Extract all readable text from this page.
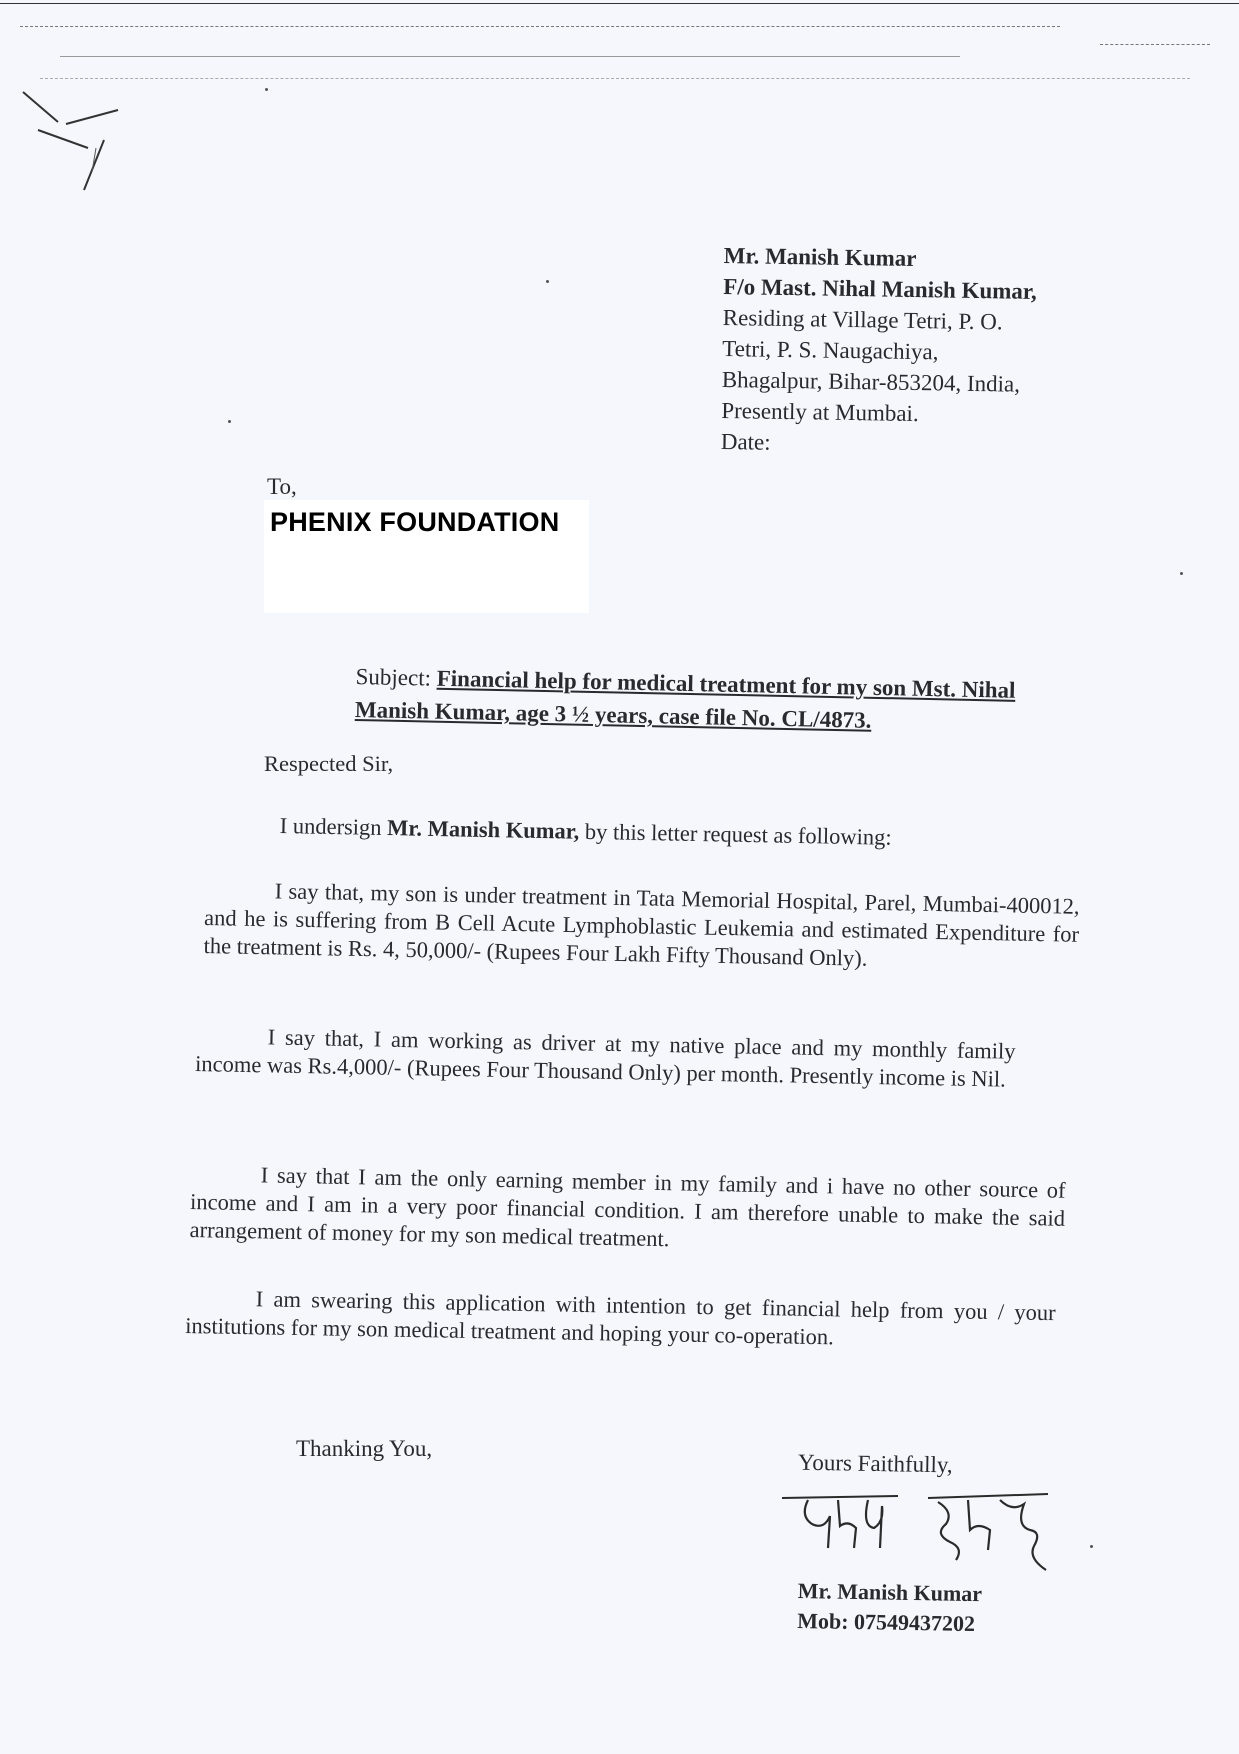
Mr. Manish Kumar
F/o Mast. Nihal Manish Kumar,
Residing at Village Tetri, P. O.
Tetri, P. S. Naugachiya,
Bhagalpur, Bihar-853204, India,
Presently at Mumbai.
Date:
To,
PHENIX FOUNDATION
Subject: Financial help for medical treatment for my son Mst. Nihal Manish Kumar, age 3 ½ years, case file No. CL/4873.
Respected Sir,
I undersign Mr. Manish Kumar, by this letter request as following:
I say that, my son is under treatment in Tata Memorial Hospital, Parel, Mumbai-400012, and he is suffering from B Cell Acute Lymphoblastic Leukemia and estimated Expenditure for the treatment is Rs. 4, 50,000/- (Rupees Four Lakh Fifty Thousand Only).
I say that, I am working as driver at my native place and my monthly family income was Rs.4,000/- (Rupees Four Thousand Only) per month. Presently income is Nil.
I say that I am the only earning member in my family and i have no other source of income and I am in a very poor financial condition. I am therefore unable to make the said arrangement of money for my son medical treatment.
I am swearing this application with intention to get financial help from you / your institutions for my son medical treatment and hoping your co-operation.
Thanking You,
Yours Faithfully,
Mr. Manish Kumar
Mob: 07549437202
